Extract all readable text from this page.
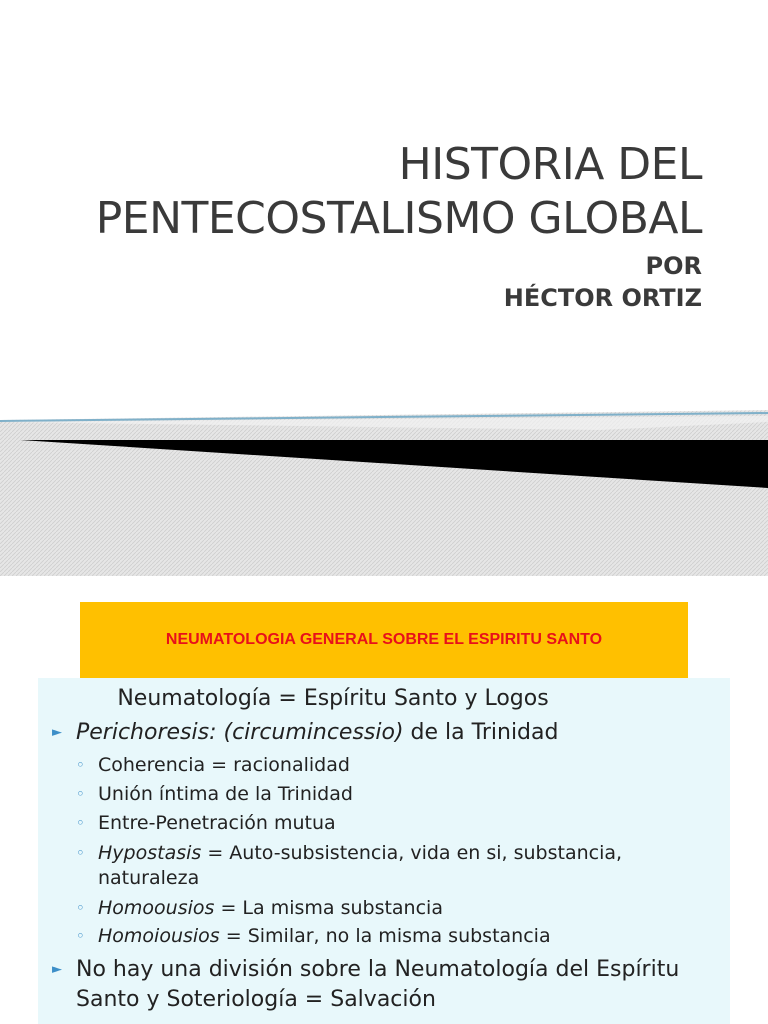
HISTORIA DEL
PENTECOSTALISMO GLOBAL
POR
HÉCTOR ORTIZ
NEUMATOLOGIA GENERAL SOBRE EL ESPIRITU SANTO
Neumatología = Espíritu Santo y Logos
► Perichoresis: (circumincessio) de la Trinidad
◦ Coherencia = racionalidad
◦ Unión íntima de la Trinidad
◦ Entre-Penetración mutua
◦ Hypostasis = Auto-subsistencia, vida en si, substancia, naturaleza
◦ Homoousios = La misma substancia
◦ Homoiousios = Similar, no la misma substancia
► No hay una división sobre la Neumatología del Espíritu Santo y Soteriología = Salvación
